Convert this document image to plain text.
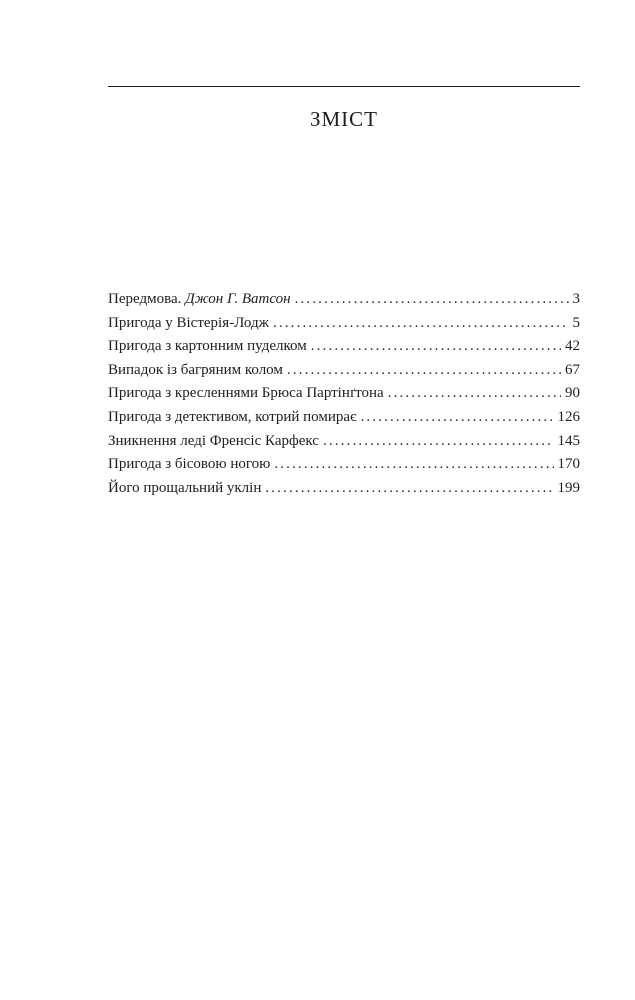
ЗМІСТ
Передмова. Джон Г. Ватсон . . .	3
Пригода у Вістерія-Лодж . . .	5
Пригода з картонним пуделком . . .	42
Випадок із багряним колом . . .	67
Пригода з кресленнями Брюса Партінґтона . . .	90
Пригода з детективом, котрий помирає . . .	126
Зникнення леді Френсіс Карфекс . . .	145
Пригода з бісовою ногою . . .	170
Його прощальний уклін . . .	199
